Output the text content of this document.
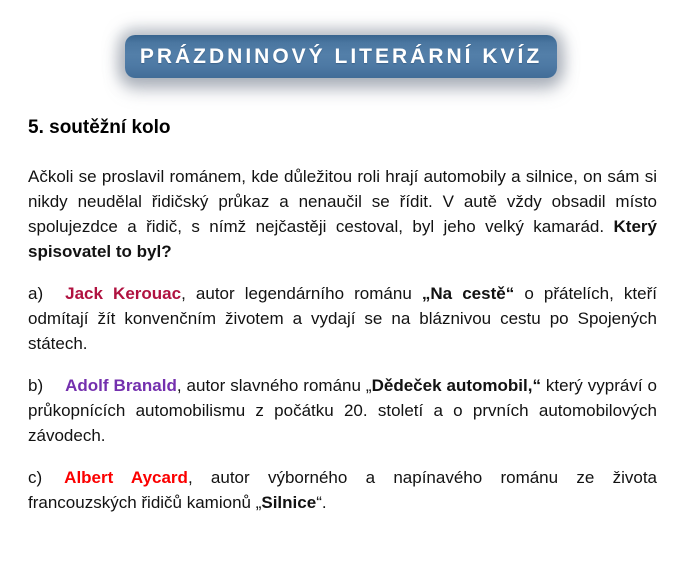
PRÁZDNINOVÝ LITERÁRNÍ KVÍZ

5. soutěžní kolo

Ačkoli se proslavil románem, kde důležitou roli hrají automobily a silnice, on sám si nikdy neudělal řidičský průkaz a nenaučil se řídit. V autě vždy obsadil místo spolujezdce a řidič, s nímž nejčastěji cestoval, byl jeho velký kamarád. Který spisovatel to byl?

a) Jack Kerouac, autor legendárního románu „Na cestě“ o přátelích, kteří odmítají žít konvenčním životem a vydají se na bláznivou cestu po Spojených státech.

b) Adolf Branald, autor slavného románu „Dědeček automobil,“ který vypráví o průkopnících automobilismu z počátku 20. století a o prvních automobilových závodech.

c) Albert Aycard, autor výborného a napínavého románu ze života francouzských řidičů kamionů „Silnice“.
